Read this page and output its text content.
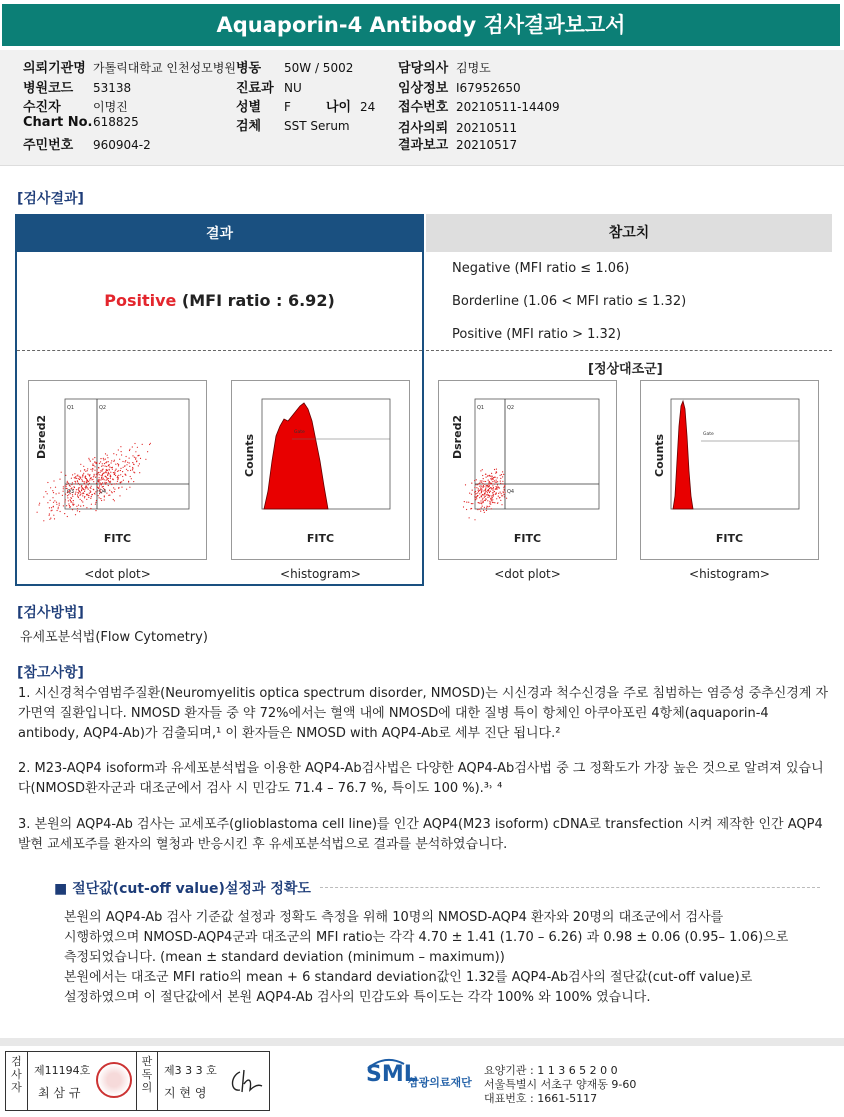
Aquaporin-4 Antibody 검사결과보고서
의뢰기관명 가톨릭대학교 인천성모병원 병동 50W / 5002	담당의사 김명도
병원코드 53138	진료과 NU	임상정보 I67952650
수진자	이명진	성별 F	나이 24 접수번호 20210511-14409
Chart No.618825	검체 SST Serum	검사의뢰 20210511
주민번호 960904-2	결과보고 20210517
[검사결과]
결과
Positive (MFI ratio : 6.92)
참고치
Negative (MFI ratio ≤ 1.06)
Borderline (1.06 < MFI ratio ≤ 1.32)
Positive (MFI ratio > 1.32)
[정상대조군]
Q1	Q2
Q3	Q4
Dsred2
FITC
Gate
Counts
FITC
Q1	Q2
Q4
Dsred2
FITC
Gate
Counts
FITC
<dot plot>	<histogram>	<dot plot>	<histogram>
[검사방법]
유세포분석법(Flow Cytometry)
[참고사항]
1. 시신경척수염범주질환(Neuromyelitis optica spectrum disorder, NMOSD)는 시신경과 척수신경을 주로 침범하는 염증성 중추신경계 자가면역 질환입니다. NMOSD 환자들 중 약 72%에서는 혈액 내에 NMOSD에 대한 질병 특이 항체인 아쿠아포린 4항체(aquaporin-4 antibody, AQP4-Ab)가 검출되며,¹ 이 환자들은 NMOSD with AQP4-Ab로 세부 진단 됩니다.²
2. M23-AQP4 isoform과 유세포분석법을 이용한 AQP4-Ab검사법은 다양한 AQP4-Ab검사법 중 그 정확도가 가장 높은 것으로 알려져 있습니다(NMOSD환자군과 대조군에서 검사 시 민감도 71.4 – 76.7 %, 특이도 100 %).³˒ ⁴
3. 본원의 AQP4-Ab 검사는 교세포주(glioblastoma cell line)를 인간 AQP4(M23 isoform) cDNA로 transfection 시켜 제작한 인간 AQP4 발현 교세포주를 환자의 혈청과 반응시킨 후 유세포분석법으로 결과를 분석하였습니다.
■ 절단값(cut-off value)설정과 정확도
본원의 AQP4-Ab 검사 기준값 설정과 정확도 측정을 위해 10명의 NMOSD-AQP4 환자와 20명의 대조군에서 검사를
시행하였으며 NMOSD-AQP4군과 대조군의 MFI ratio는 각각 4.70 ± 1.41 (1.70 – 6.26) 과 0.98 ± 0.06 (0.95– 1.06)으로
측정되었습니다. (mean ± standard deviation (minimum – maximum))
본원에서는 대조군 MFI ratio의 mean + 6 standard deviation값인 1.32를 AQP4-Ab검사의 절단값(cut-off value)로
설정하였으며 이 절단값에서 본원 AQP4-Ab 검사의 민감도와 특이도는 각각 100% 와 100% 였습니다.
검사자
제11194호
최 삼 규
판독의
제3 3 3 호
지 현 영
SML
삼광의료재단
요양기관 : 1 1 3 6 5 2 0 0
서울특별시 서초구 양재동 9-60
대표번호 : 1661-5117
